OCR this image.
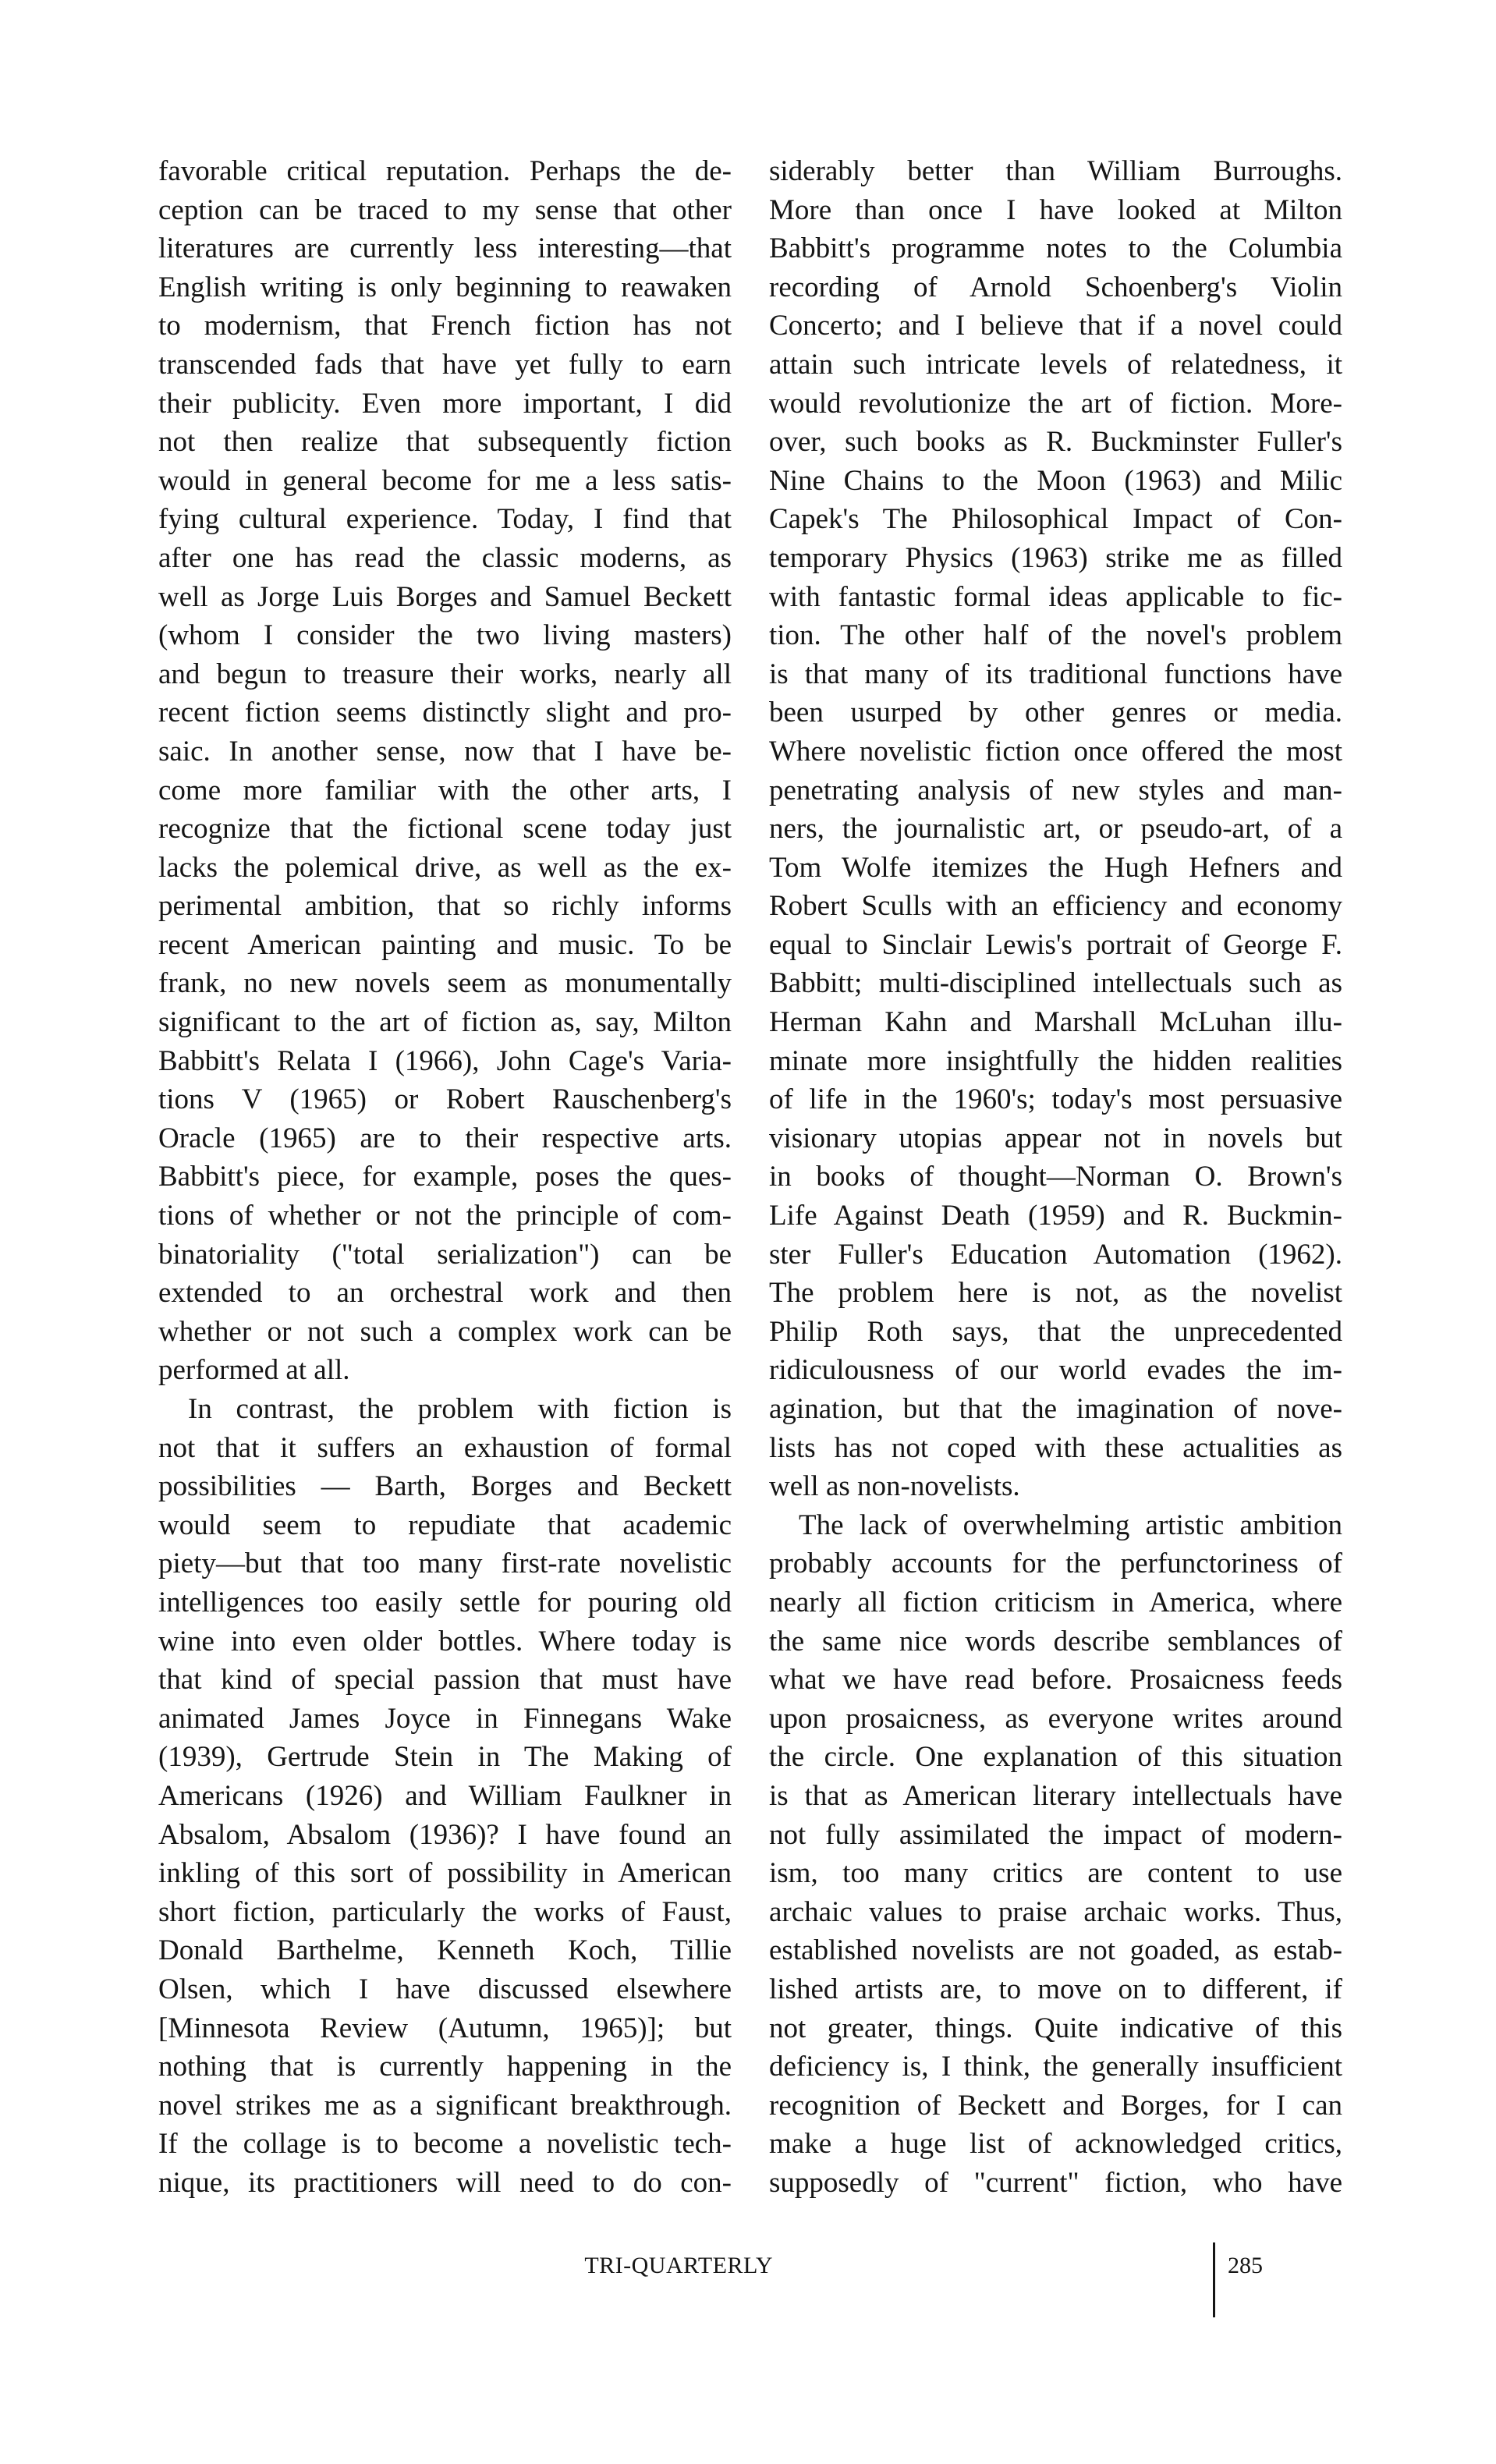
favorable critical reputation. Perhaps the de-
ception can be traced to my sense that other
literatures are currently less interesting—that
English writing is only beginning to reawaken
to modernism, that French fiction has not
transcended fads that have yet fully to earn
their publicity. Even more important, I did
not then realize that subsequently fiction
would in general become for me a less satis-
fying cultural experience. Today, I find that
after one has read the classic moderns, as
well as Jorge Luis Borges and Samuel Beckett
(whom I consider the two living masters)
and begun to treasure their works, nearly all
recent fiction seems distinctly slight and pro-
saic. In another sense, now that I have be-
come more familiar with the other arts, I
recognize that the fictional scene today just
lacks the polemical drive, as well as the ex-
perimental ambition, that so richly informs
recent American painting and music. To be
frank, no new novels seem as monumentally
significant to the art of fiction as, say, Milton
Babbitt's Relata I (1966), John Cage's Varia-
tions V (1965) or Robert Rauschenberg's
Oracle (1965) are to their respective arts.
Babbitt's piece, for example, poses the ques-
tions of whether or not the principle of com-
binatoriality ("total serialization") can be
extended to an orchestral work and then
whether or not such a complex work can be
performed at all.
In contrast, the problem with fiction is
not that it suffers an exhaustion of formal
possibilities — Barth, Borges and Beckett
would seem to repudiate that academic
piety—but that too many first-rate novelistic
intelligences too easily settle for pouring old
wine into even older bottles. Where today is
that kind of special passion that must have
animated James Joyce in Finnegans Wake
(1939), Gertrude Stein in The Making of
Americans (1926) and William Faulkner in
Absalom, Absalom (1936)? I have found an
inkling of this sort of possibility in American
short fiction, particularly the works of Faust,
Donald Barthelme, Kenneth Koch, Tillie
Olsen, which I have discussed elsewhere
[Minnesota Review (Autumn, 1965)]; but
nothing that is currently happening in the
novel strikes me as a significant breakthrough.
If the collage is to become a novelistic tech-
nique, its practitioners will need to do con-
siderably better than William Burroughs.
More than once I have looked at Milton
Babbitt's programme notes to the Columbia
recording of Arnold Schoenberg's Violin
Concerto; and I believe that if a novel could
attain such intricate levels of relatedness, it
would revolutionize the art of fiction. More-
over, such books as R. Buckminster Fuller's
Nine Chains to the Moon (1963) and Milic
Capek's The Philosophical Impact of Con-
temporary Physics (1963) strike me as filled
with fantastic formal ideas applicable to fic-
tion. The other half of the novel's problem
is that many of its traditional functions have
been usurped by other genres or media.
Where novelistic fiction once offered the most
penetrating analysis of new styles and man-
ners, the journalistic art, or pseudo-art, of a
Tom Wolfe itemizes the Hugh Hefners and
Robert Sculls with an efficiency and economy
equal to Sinclair Lewis's portrait of George F.
Babbitt; multi-disciplined intellectuals such as
Herman Kahn and Marshall McLuhan illu-
minate more insightfully the hidden realities
of life in the 1960's; today's most persuasive
visionary utopias appear not in novels but
in books of thought—Norman O. Brown's
Life Against Death (1959) and R. Buckmin-
ster Fuller's Education Automation (1962).
The problem here is not, as the novelist
Philip Roth says, that the unprecedented
ridiculousness of our world evades the im-
agination, but that the imagination of nove-
lists has not coped with these actualities as
well as non-novelists.
The lack of overwhelming artistic ambition
probably accounts for the perfunctoriness of
nearly all fiction criticism in America, where
the same nice words describe semblances of
what we have read before. Prosaicness feeds
upon prosaicness, as everyone writes around
the circle. One explanation of this situation
is that as American literary intellectuals have
not fully assimilated the impact of modern-
ism, too many critics are content to use
archaic values to praise archaic works. Thus,
established novelists are not goaded, as estab-
lished artists are, to move on to different, if
not greater, things. Quite indicative of this
deficiency is, I think, the generally insufficient
recognition of Beckett and Borges, for I can
make a huge list of acknowledged critics,
supposedly of "current" fiction, who have
TRI-QUARTERLY	285
